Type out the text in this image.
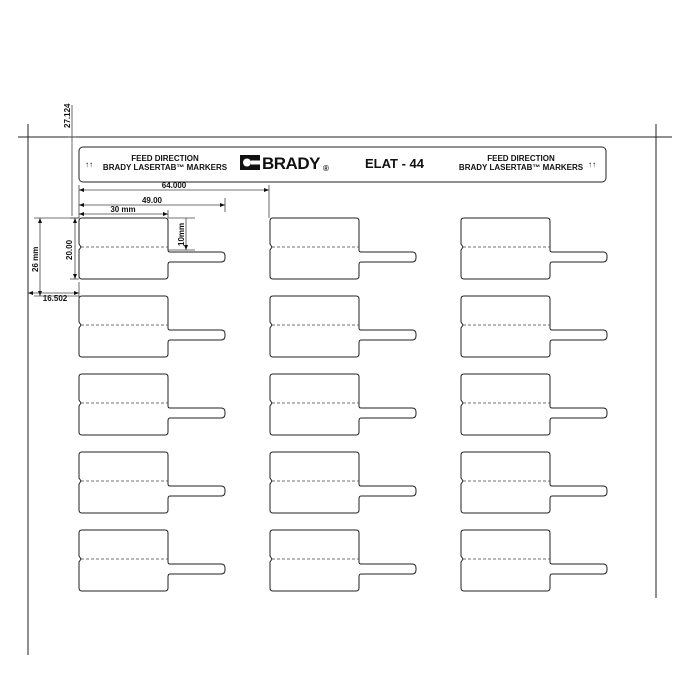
↑↑
FEED DIRECTION
BRADY LASERTAB™ MARKERS BRADY ®	ELAT - 44	FEED DIRECTION
BRADY LASERTAB™ MARKERS ↑↑
27.124
64.000
49.00
30 mm
10mm
20.00
26 mm
16.502
